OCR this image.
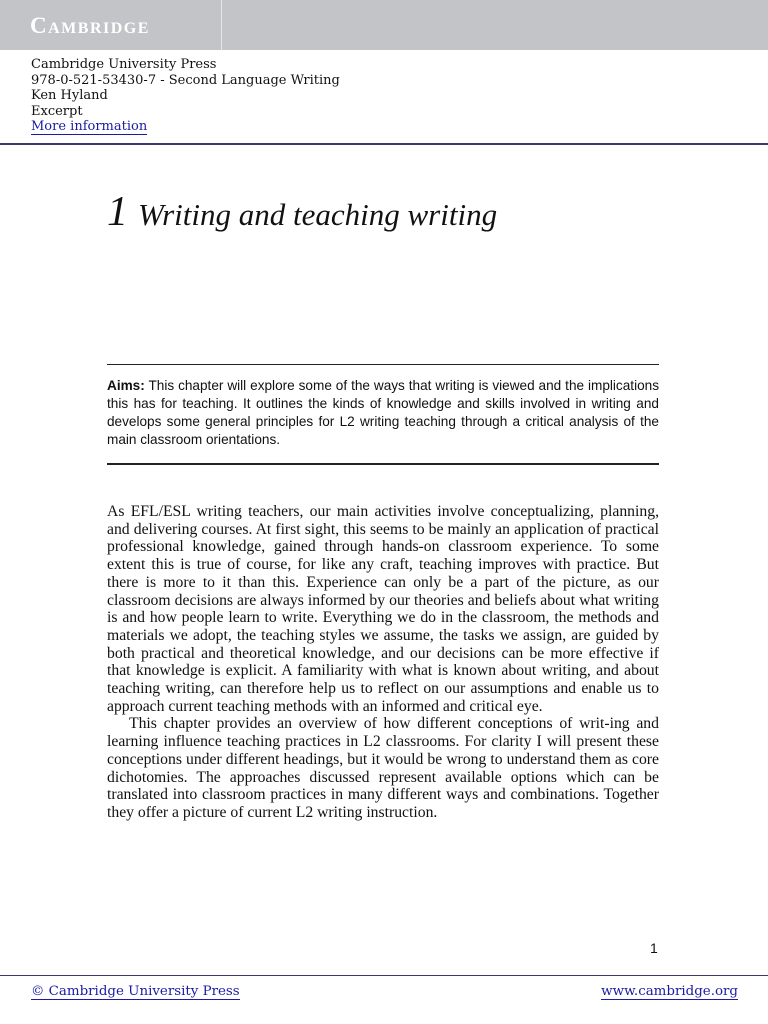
Cambridge
Cambridge University Press
978-0-521-53430-7 - Second Language Writing
Ken Hyland
Excerpt
More information
1 Writing and teaching writing

Aims: This chapter will explore some of the ways that writing is viewed and the implications this has for teaching. It outlines the kinds of knowledge and skills involved in writing and develops some general principles for L2 writing teaching through a critical analysis of the main classroom orientations.

As EFL/ESL writing teachers, our main activities involve conceptualizing, planning, and delivering courses. At first sight, this seems to be mainly an application of practical professional knowledge, gained through hands-on classroom experience. To some extent this is true of course, for like any craft, teaching improves with practice. But there is more to it than this. Experience can only be a part of the picture, as our classroom decisions are always informed by our theories and beliefs about what writing is and how people learn to write. Everything we do in the classroom, the methods and materials we adopt, the teaching styles we assume, the tasks we assign, are guided by both practical and theoretical knowledge, and our decisions can be more effective if that knowledge is explicit. A familiarity with what is known about writing, and about teaching writing, can therefore help us to reflect on our assumptions and enable us to approach current teaching methods with an informed and critical eye.

This chapter provides an overview of how different conceptions of writ-ing and learning influence teaching practices in L2 classrooms. For clarity I will present these conceptions under different headings, but it would be wrong to understand them as core dichotomies. The approaches discussed represent available options which can be translated into classroom practices in many different ways and combinations. Together they offer a picture of current L2 writing instruction.

1
© Cambridge University Press	www.cambridge.org
